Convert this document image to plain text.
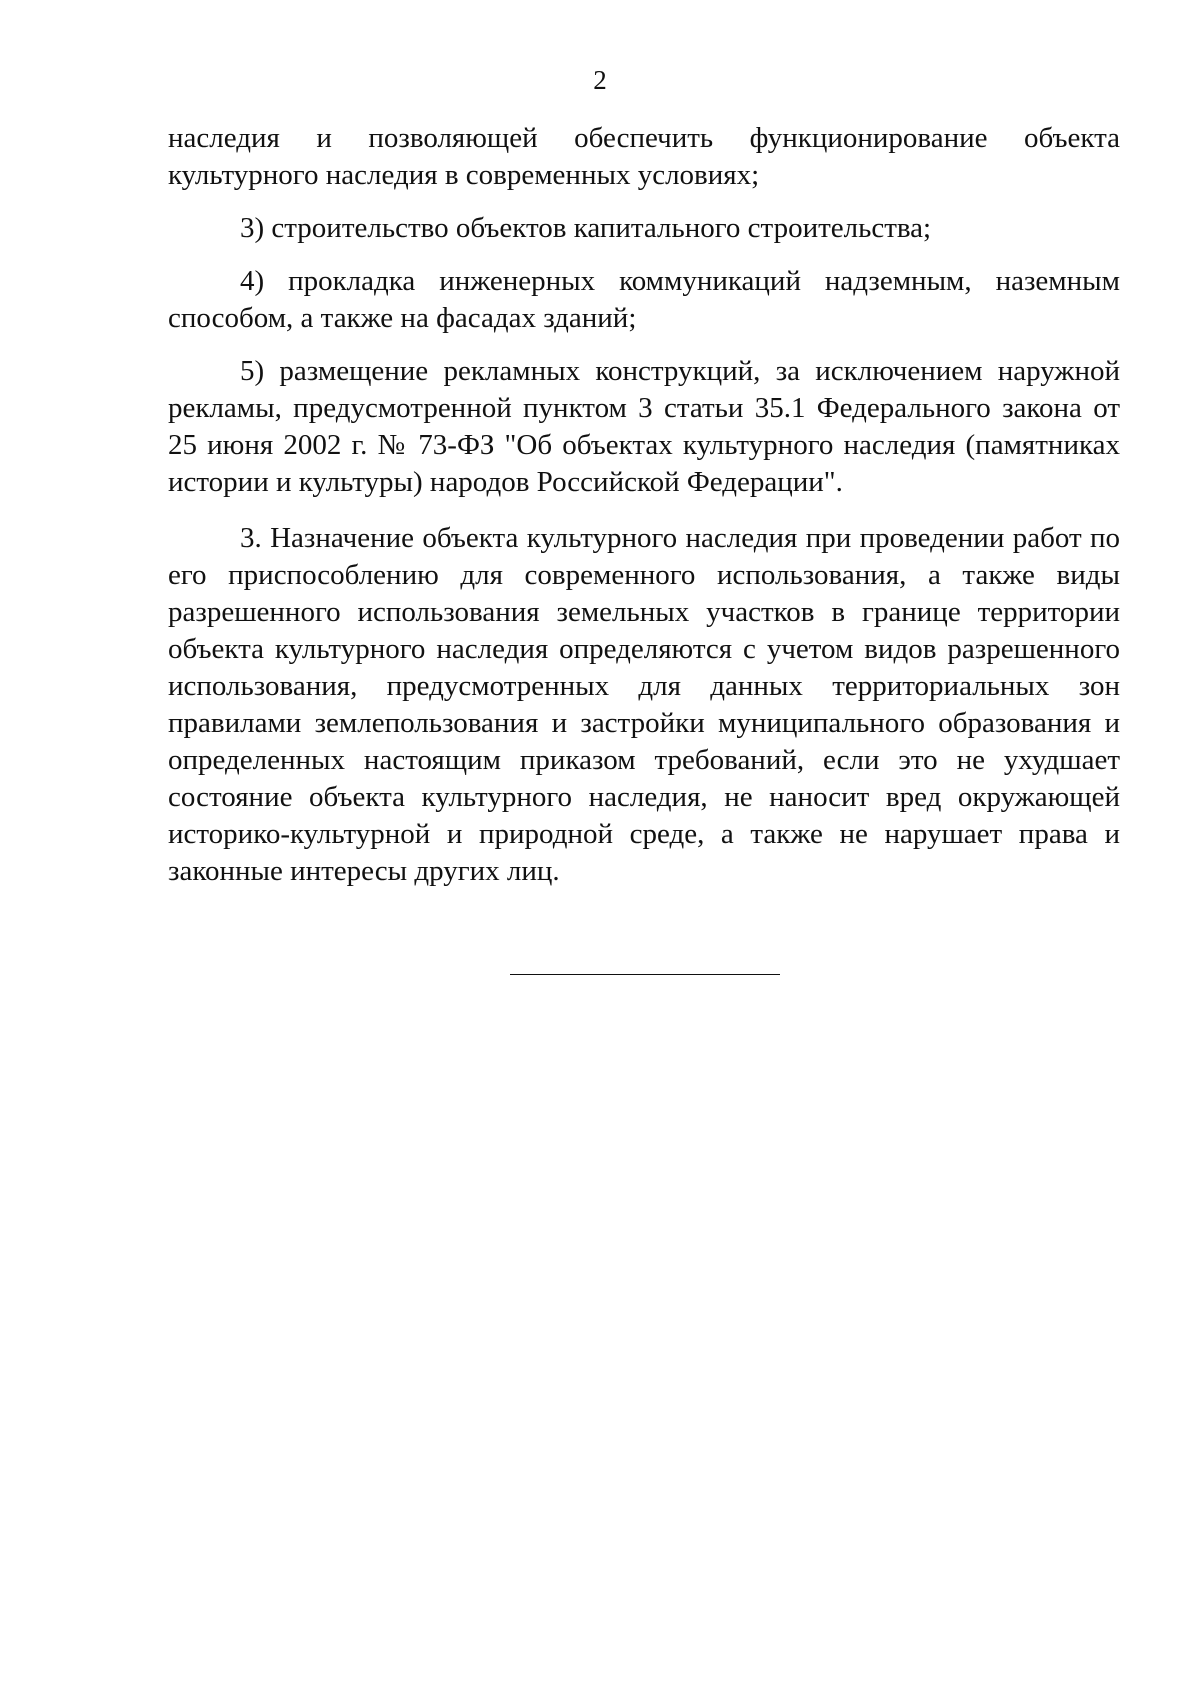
2

наследия и позволяющей обеспечить функционирование объекта культурного наследия в современных условиях;

3) строительство объектов капитального строительства;

4) прокладка инженерных коммуникаций надземным, наземным способом, а также на фасадах зданий;

5) размещение рекламных конструкций, за исключением наружной рекламы, предусмотренной пунктом 3 статьи 35.1 Федерального закона от 25 июня 2002 г. № 73-ФЗ "Об объектах культурного наследия (памятниках истории и культуры) народов Российской Федерации".

3. Назначение объекта культурного наследия при проведении работ по его приспособлению для современного использования, а также виды разрешенного использования земельных участков в границе территории объекта культурного наследия определяются с учетом видов разрешенного использования, предусмотренных для данных территориальных зон правилами землепользования и застройки муниципального образования и определенных настоящим приказом требований, если это не ухудшает состояние объекта культурного наследия, не наносит вред окружающей историко-культурной и природной среде, а также не нарушает права и законные интересы других лиц.
